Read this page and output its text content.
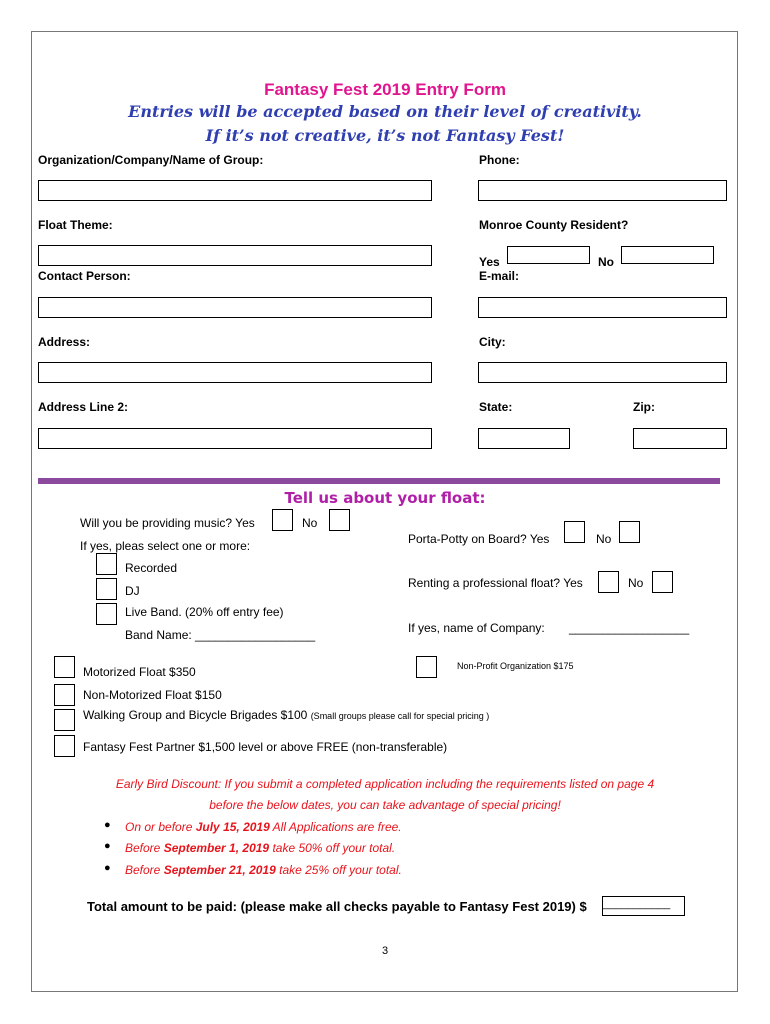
Fantasy Fest 2019 Entry Form
Entries will be accepted based on their level of creativity.
If it’s not creative, it’s not Fantasy Fest!
Organization/Company/Name of Group:	Phone:
Float Theme:	Monroe County Resident?
Yes	No
Contact Person:	E-mail:
Address:	City:
Address Line 2:	State:	Zip:
Tell us about your float:
Will you be providing music? Yes	No
If yes, pleas select one or more:
Recorded
DJ
Live Band. (20% off entry fee)
Band Name: __________________
Porta-Potty on Board? Yes	No
Renting a professional float? Yes	No
If yes, name of Company: __________________
Motorized Float $350	Non-Profit Organization $175
Non-Motorized Float $150
Walking Group and Bicycle Brigades $100 (Small groups please call for special pricing )
Fantasy Fest Partner $1,500 level or above FREE (non-transferable)
Early Bird Discount: If you submit a completed application including the requirements listed on page 4
before the below dates, you can take advantage of special pricing!
● On or before July 15, 2019 All Applications are free.
● Before September 1, 2019 take 50% off your total.
● Before September 21, 2019 take 25% off your total.
Total amount to be paid: (please make all checks payable to Fantasy Fest 2019) $ ___________
3
